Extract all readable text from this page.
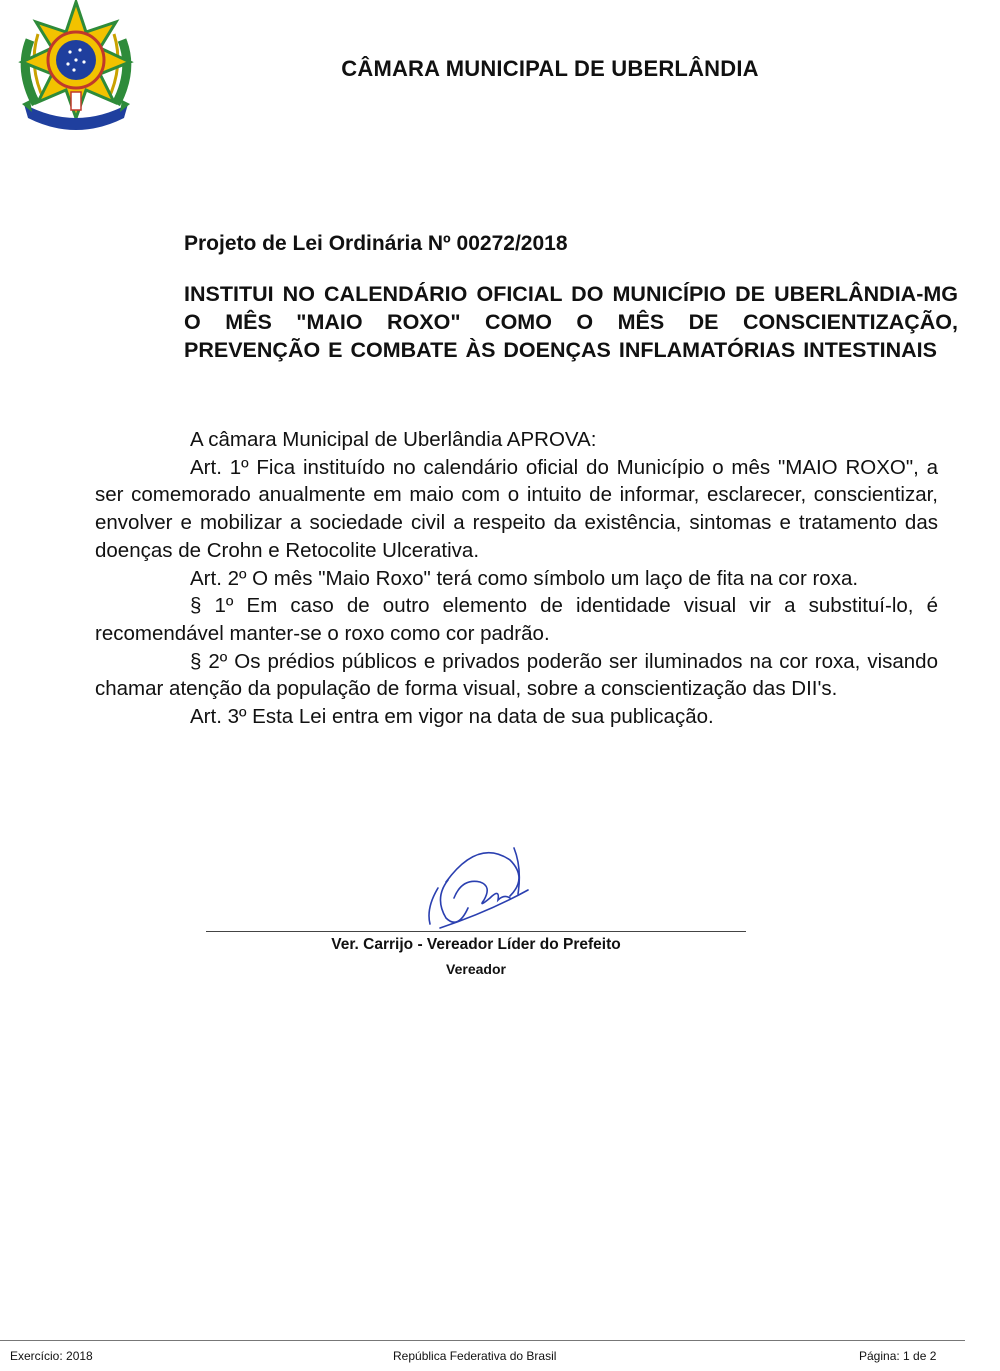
CÂMARA MUNICIPAL DE UBERLÂNDIA
Projeto de Lei Ordinária Nº 00272/2018
INSTITUI NO CALENDÁRIO OFICIAL DO MUNICÍPIO DE UBERLÂNDIA-MG O MÊS "MAIO ROXO" COMO O MÊS DE CONSCIENTIZAÇÃO, PREVENÇÃO E COMBATE ÀS DOENÇAS INFLAMATÓRIAS INTESTINAIS

A câmara Municipal de Uberlândia APROVA:

Art. 1º Fica instituído no calendário oficial do Município o mês "MAIO ROXO", a ser comemorado anualmente em maio com o intuito de informar, esclarecer, conscientizar, envolver e mobilizar a sociedade civil a respeito da existência, sintomas e tratamento das doenças de Crohn e Retocolite Ulcerativa.

Art. 2º O mês "Maio Roxo" terá como símbolo um laço de fita na cor roxa.

§ 1º Em caso de outro elemento de identidade visual vir a substituí-lo, é recomendável manter-se o roxo como cor padrão.

§ 2º Os prédios públicos e privados poderão ser iluminados na cor roxa, visando chamar atenção da população de forma visual, sobre a conscientização das DII's.

Art. 3º Esta Lei entra em vigor na data de sua publicação.

Ver. Carrijo - Vereador Líder do Prefeito
Vereador
Exercício: 2018	República Federativa do Brasil	Página: 1 de 2
